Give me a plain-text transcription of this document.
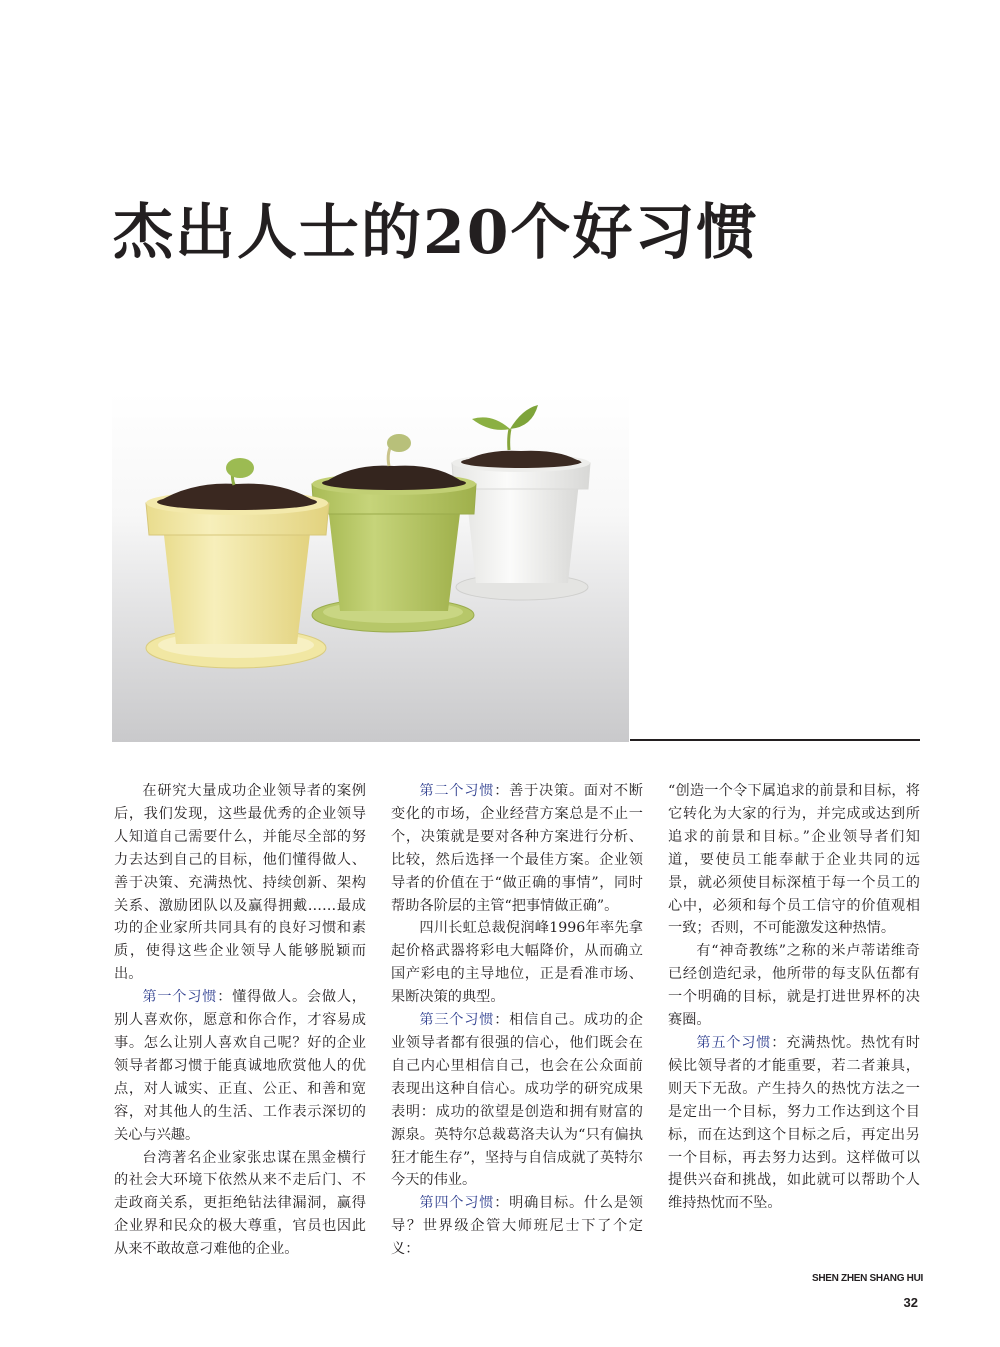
杰出人士的20个好习惯

在研究大量成功企业领导者的案例后，我们发现，这些最优秀的企业领导人知道自己需要什么，并能尽全部的努力去达到自己的目标，他们懂得做人、善于决策、充满热忱、持续创新、架构关系、激励团队以及赢得拥戴……最成功的企业家所共同具有的良好习惯和素质，使得这些企业领导人能够脱颖而出。

第一个习惯：懂得做人。会做人，别人喜欢你，愿意和你合作，才容易成事。怎么让别人喜欢自己呢？好的企业领导者都习惯于能真诚地欣赏他人的优点，对人诚实、正直、公正、和善和宽容，对其他人的生活、工作表示深切的关心与兴趣。

台湾著名企业家张忠谋在黑金横行的社会大环境下依然从来不走后门、不走政商关系，更拒绝钻法律漏洞，赢得企业界和民众的极大尊重，官员也因此从来不敢故意刁难他的企业。

第二个习惯：善于决策。面对不断变化的市场，企业经营方案总是不止一个，决策就是要对各种方案进行分析、比较，然后选择一个最佳方案。企业领导者的价值在于“做正确的事情”，同时帮助各阶层的主管“把事情做正确”。

四川长虹总裁倪润峰1996年率先拿起价格武器将彩电大幅降价，从而确立国产彩电的主导地位，正是看准市场、果断决策的典型。

第三个习惯：相信自己。成功的企业领导者都有很强的信心，他们既会在自己内心里相信自己，也会在公众面前表现出这种自信心。成功学的研究成果表明：成功的欲望是创造和拥有财富的源泉。英特尔总裁葛洛夫认为“只有偏执狂才能生存”，坚持与自信成就了英特尔今天的伟业。

第四个习惯：明确目标。什么是领导？世界级企管大师班尼士下了个定义：

“创造一个令下属追求的前景和目标，将它转化为大家的行为，并完成或达到所追求的前景和目标。”企业领导者们知道，要使员工能奉献于企业共同的远景，就必须使目标深植于每一个员工的心中，必须和每个员工信守的价值观相一致；否则，不可能激发这种热情。

有“神奇教练”之称的米卢蒂诺维奇已经创造纪录，他所带的每支队伍都有一个明确的目标，就是打进世界杯的决赛圈。

第五个习惯：充满热忱。热忱有时候比领导者的才能重要，若二者兼具，则天下无敌。产生持久的热忱方法之一是定出一个目标，努力工作达到这个目标，而在达到这个目标之后，再定出另一个目标，再去努力达到。这样做可以提供兴奋和挑战，如此就可以帮助个人维持热忱而不坠。

SHEN ZHEN SHANG HUI
32
